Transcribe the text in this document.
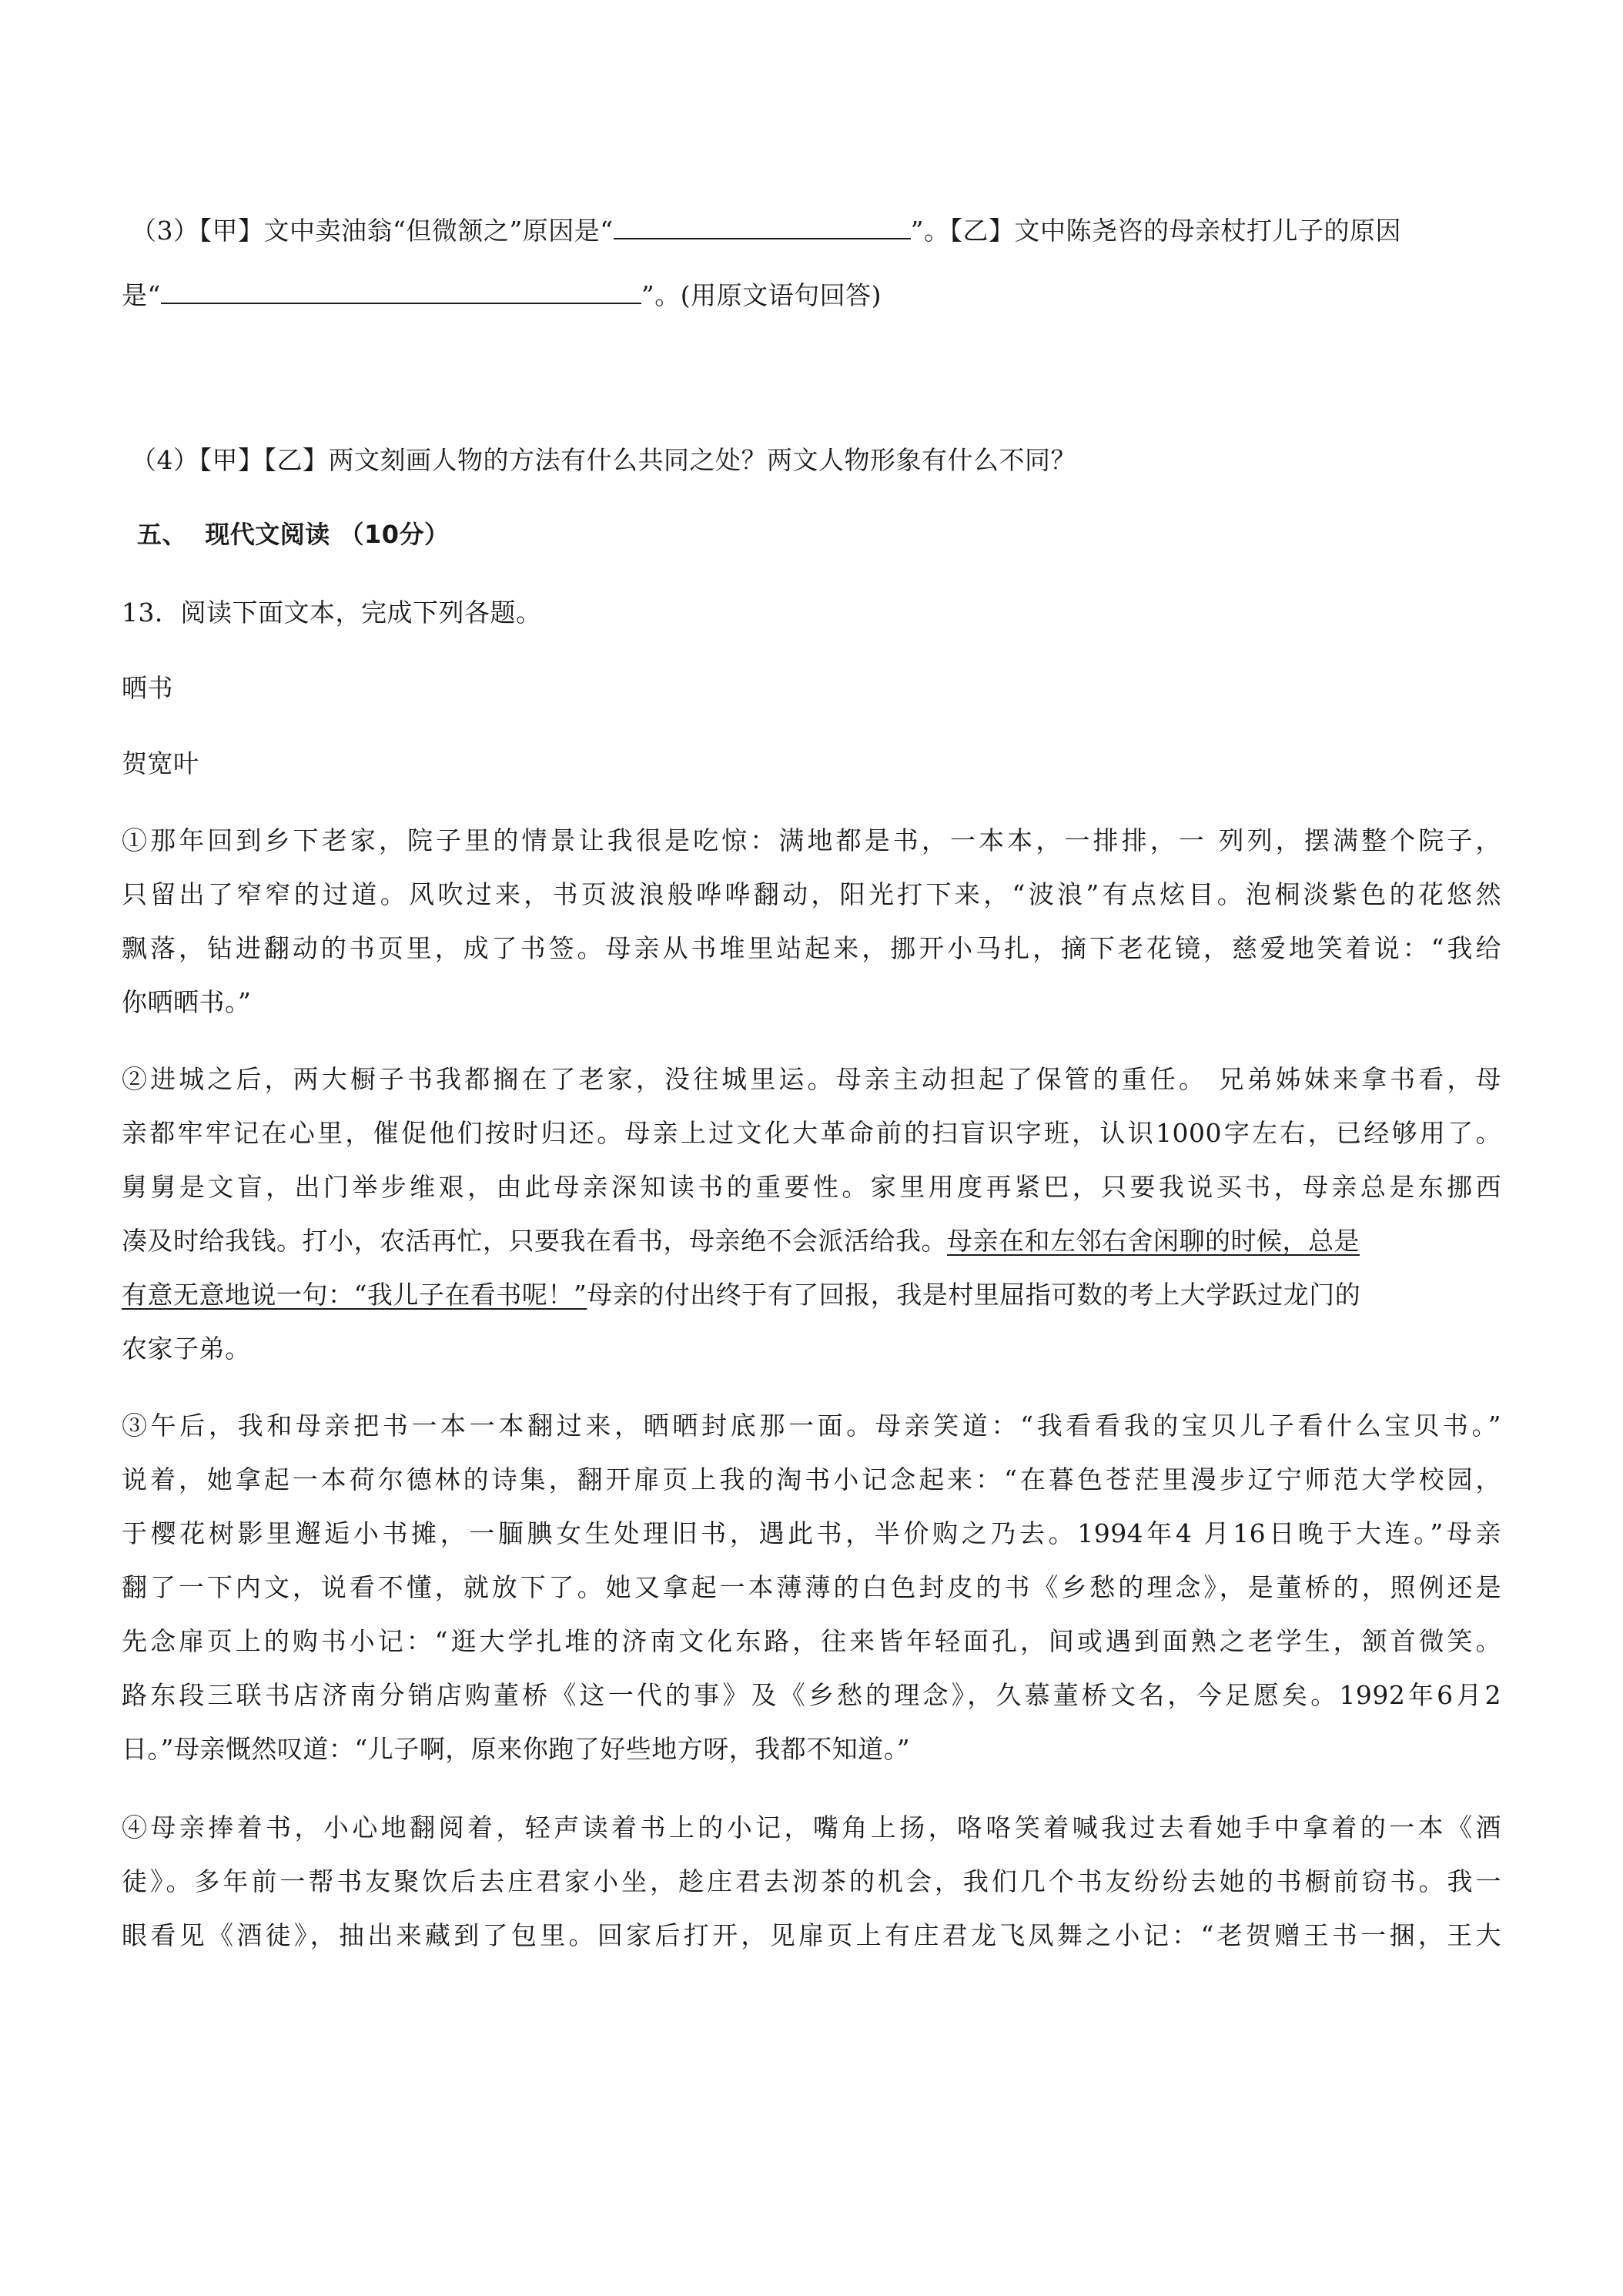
（3）【甲】文中卖油翁“但微颔之”原因是“	”。【乙】文中陈尧咨的母亲杖打儿子的原因
是“	”。(用原文语句回答)
（4）【甲】【乙】两文刻画人物的方法有什么共同之处？两文人物形象有什么不同？
五、 现代文阅读 （10分）
13．阅读下面文本，完成下列各题。
晒书
贺宽叶
①那年回到乡下老家，院子里的情景让我很是吃惊：满地都是书，一本本，一排排，一 列列，摆满整个院子，
只留出了窄窄的过道。风吹过来，书页波浪般哗哗翻动，阳光打下来，“波浪”有点炫目。泡桐淡紫色的花悠然
飘落，钻进翻动的书页里，成了书签。母亲从书堆里站起来，挪开小马扎，摘下老花镜，慈爱地笑着说：“我给
你晒晒书。”
②进城之后，两大橱子书我都搁在了老家，没往城里运。母亲主动担起了保管的重任。 兄弟姊妹来拿书看，母
亲都牢牢记在心里，催促他们按时归还。母亲上过文化大革命前的扫盲识字班，认识1000字左右，已经够用了。
舅舅是文盲，出门举步维艰，由此母亲深知读书的重要性。家里用度再紧巴，只要我说买书，母亲总是东挪西
凑及时给我钱。打小，农活再忙，只要我在看书，母亲绝不会派活给我。母亲在和左邻右舍闲聊的时候，总是
有意无意地说一句：“我儿子在看书呢！”母亲的付出终于有了回报，我是村里屈指可数的考上大学跃过龙门的
农家子弟。
③午后，我和母亲把书一本一本翻过来，晒晒封底那一面。母亲笑道：“我看看我的宝贝儿子看什么宝贝书。”
说着，她拿起一本荷尔德林的诗集，翻开扉页上我的淘书小记念起来：“在暮色苍茫里漫步辽宁师范大学校园，
于樱花树影里邂逅小书摊，一腼腆女生处理旧书，遇此书，半价购之乃去。1994年4 月16日晚于大连。”母亲
翻了一下内文，说看不懂，就放下了。她又拿起一本薄薄的白色封皮的书《乡愁的理念》，是董桥的，照例还是
先念扉页上的购书小记：“逛大学扎堆的济南文化东路，往来皆年轻面孔，间或遇到面熟之老学生，颔首微笑。
路东段三联书店济南分销店购董桥《这一代的事》及《乡愁的理念》，久慕董桥文名，今足愿矣。1992年6月2
日。”母亲慨然叹道：“儿子啊，原来你跑了好些地方呀，我都不知道。”
④母亲捧着书，小心地翻阅着，轻声读着书上的小记，嘴角上扬，咯咯笑着喊我过去看她手中拿着的一本《酒
徒》。多年前一帮书友聚饮后去庄君家小坐，趁庄君去沏茶的机会，我们几个书友纷纷去她的书橱前窃书。我一
眼看见《酒徒》，抽出来藏到了包里。回家后打开，见扉页上有庄君龙飞凤舞之小记：“老贺赠王书一捆，王大
